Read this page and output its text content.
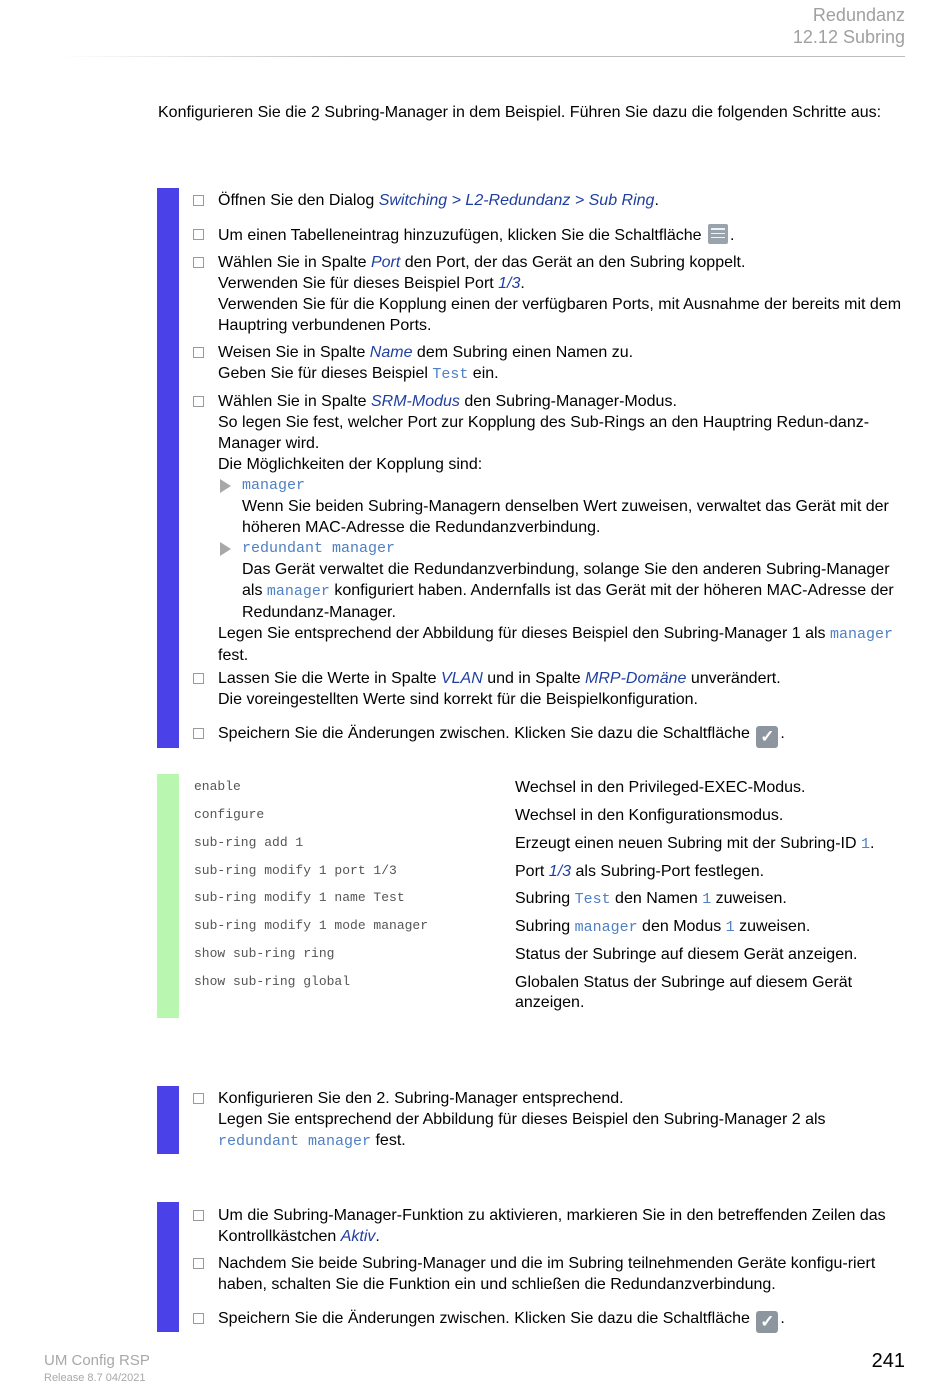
Redundanz
12.12 Subring
Konfigurieren Sie die 2 Subring-Manager in dem Beispiel. Führen Sie dazu die folgenden Schritte aus:
Öffnen Sie den Dialog Switching > L2-Redundanz > Sub Ring.
Um einen Tabelleneintrag hinzuzufügen, klicken Sie die Schaltfläche .
Wählen Sie in Spalte Port den Port, der das Gerät an den Subring koppelt.
Verwenden Sie für dieses Beispiel Port 1/3.
Verwenden Sie für die Kopplung einen der verfügbaren Ports, mit Ausnahme der bereits mit dem Hauptring verbundenen Ports.
Weisen Sie in Spalte Name dem Subring einen Namen zu.
Geben Sie für dieses Beispiel Test ein.
Wählen Sie in Spalte SRM-Modus den Subring-Manager-Modus.
So legen Sie fest, welcher Port zur Kopplung des Sub-Rings an den Hauptring Redun-danz-Manager wird.
Die Möglichkeiten der Kopplung sind:
manager
Wenn Sie beiden Subring-Managern denselben Wert zuweisen, verwaltet das Gerät mit der höheren MAC-Adresse die Redundanzverbindung.
redundant manager
Das Gerät verwaltet die Redundanzverbindung, solange Sie den anderen Subring-Manager als manager konfiguriert haben. Andernfalls ist das Gerät mit der höheren MAC-Adresse der Redundanz-Manager.
Legen Sie entsprechend der Abbildung für dieses Beispiel den Subring-Manager 1 als manager fest.
Lassen Sie die Werte in Spalte VLAN und in Spalte MRP-Domäne unverändert.
Die voreingestellten Werte sind korrekt für die Beispielkonfiguration.
Speichern Sie die Änderungen zwischen. Klicken Sie dazu die Schaltfläche ✓ .
enable	Wechsel in den Privileged-EXEC-Modus.
configure	Wechsel in den Konfigurationsmodus.
sub-ring add 1	Erzeugt einen neuen Subring mit der Subring-ID 1.
sub-ring modify 1 port 1/3	Port 1/3 als Subring-Port festlegen.
sub-ring modify 1 name Test	Subring Test den Namen 1 zuweisen.
sub-ring modify 1 mode manager	Subring manager den Modus 1 zuweisen.
show sub-ring ring	Status der Subringe auf diesem Gerät anzeigen.
show sub-ring global	Globalen Status der Subringe auf diesem Gerät anzeigen.
Konfigurieren Sie den 2. Subring-Manager entsprechend.
Legen Sie entsprechend der Abbildung für dieses Beispiel den Subring-Manager 2 als
redundant manager fest.
Um die Subring-Manager-Funktion zu aktivieren, markieren Sie in den betreffenden Zeilen das Kontrollkästchen Aktiv.
Nachdem Sie beide Subring-Manager und die im Subring teilnehmenden Geräte konfigu-riert haben, schalten Sie die Funktion ein und schließen die Redundanzverbindung.
Speichern Sie die Änderungen zwischen. Klicken Sie dazu die Schaltfläche ✓ .
UM Config RSP
Release 8.7 04/2021
241
